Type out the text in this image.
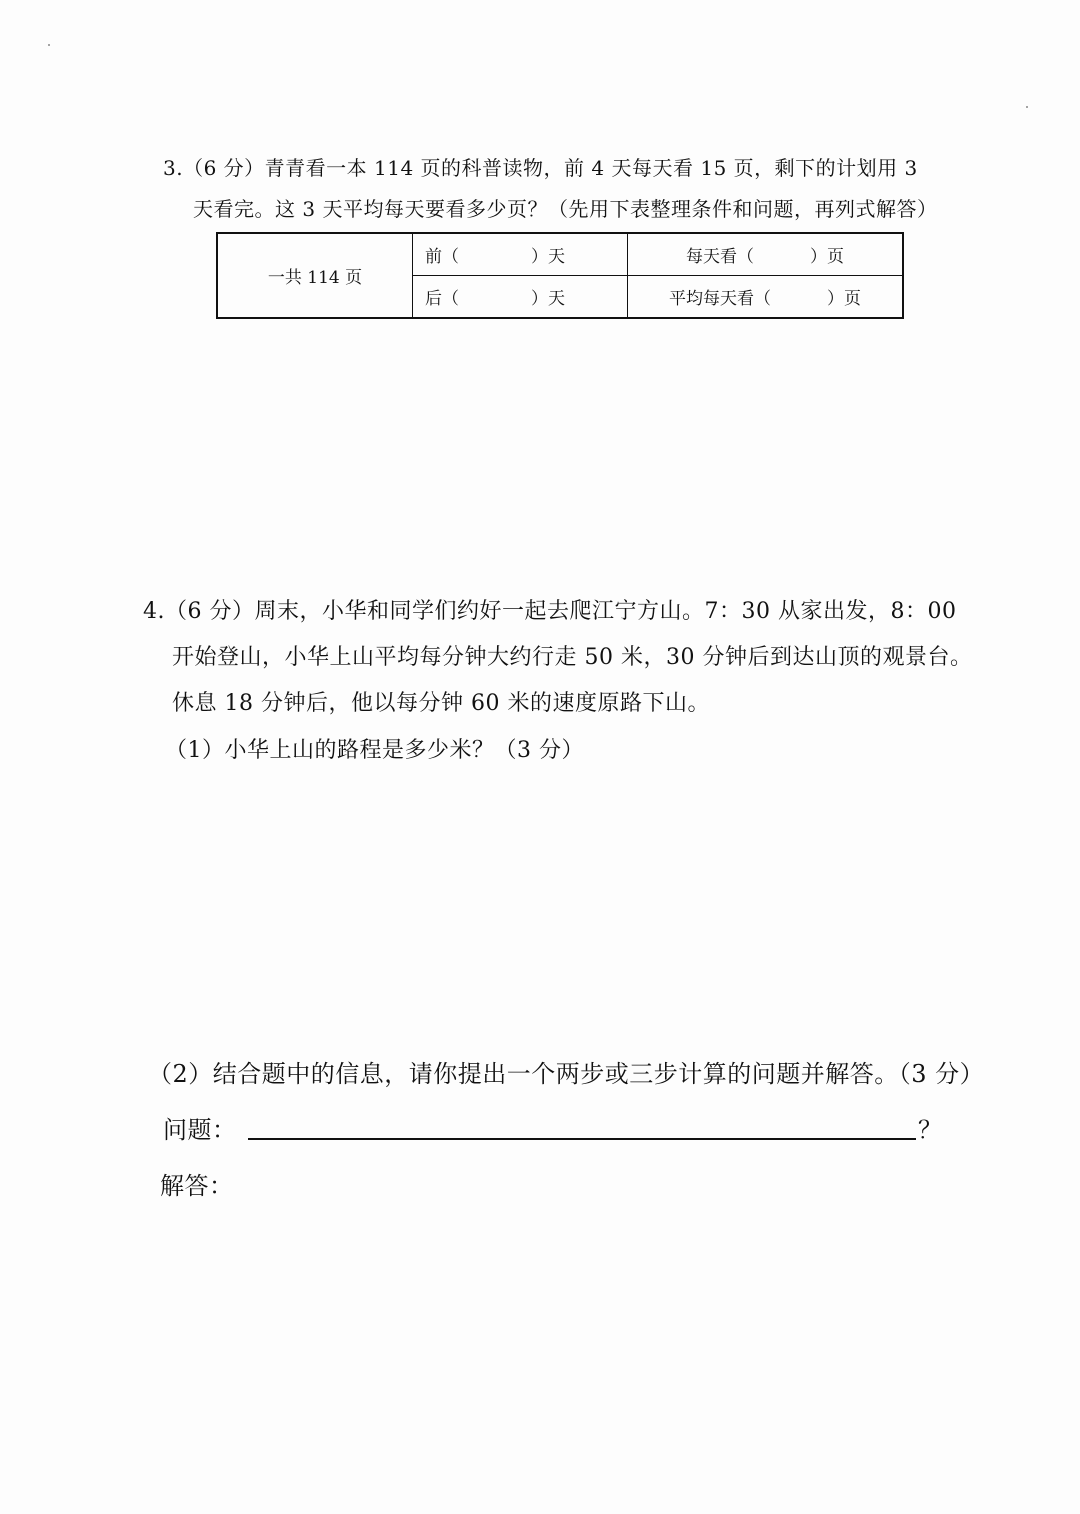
3.（6 分）青青看一本 114 页的科普读物，前 4 天每天看 15 页，剩下的计划用 3
天看完。这 3 天平均每天要看多少页？（先用下表整理条件和问题，再列式解答）
一共 114 页	前（ ）天	每天看（ ）页
	后（ ）天	平均每天看（ ）页
4.（6 分）周末，小华和同学们约好一起去爬江宁方山。7：30 从家出发，8：00
开始登山，小华上山平均每分钟大约行走 50 米，30 分钟后到达山顶的观景台。
休息 18 分钟后，他以每分钟 60 米的速度原路下山。
（1）小华上山的路程是多少米？（3 分）
（2）结合题中的信息，请你提出一个两步或三步计算的问题并解答。（3 分）
问题：	？
解答：
